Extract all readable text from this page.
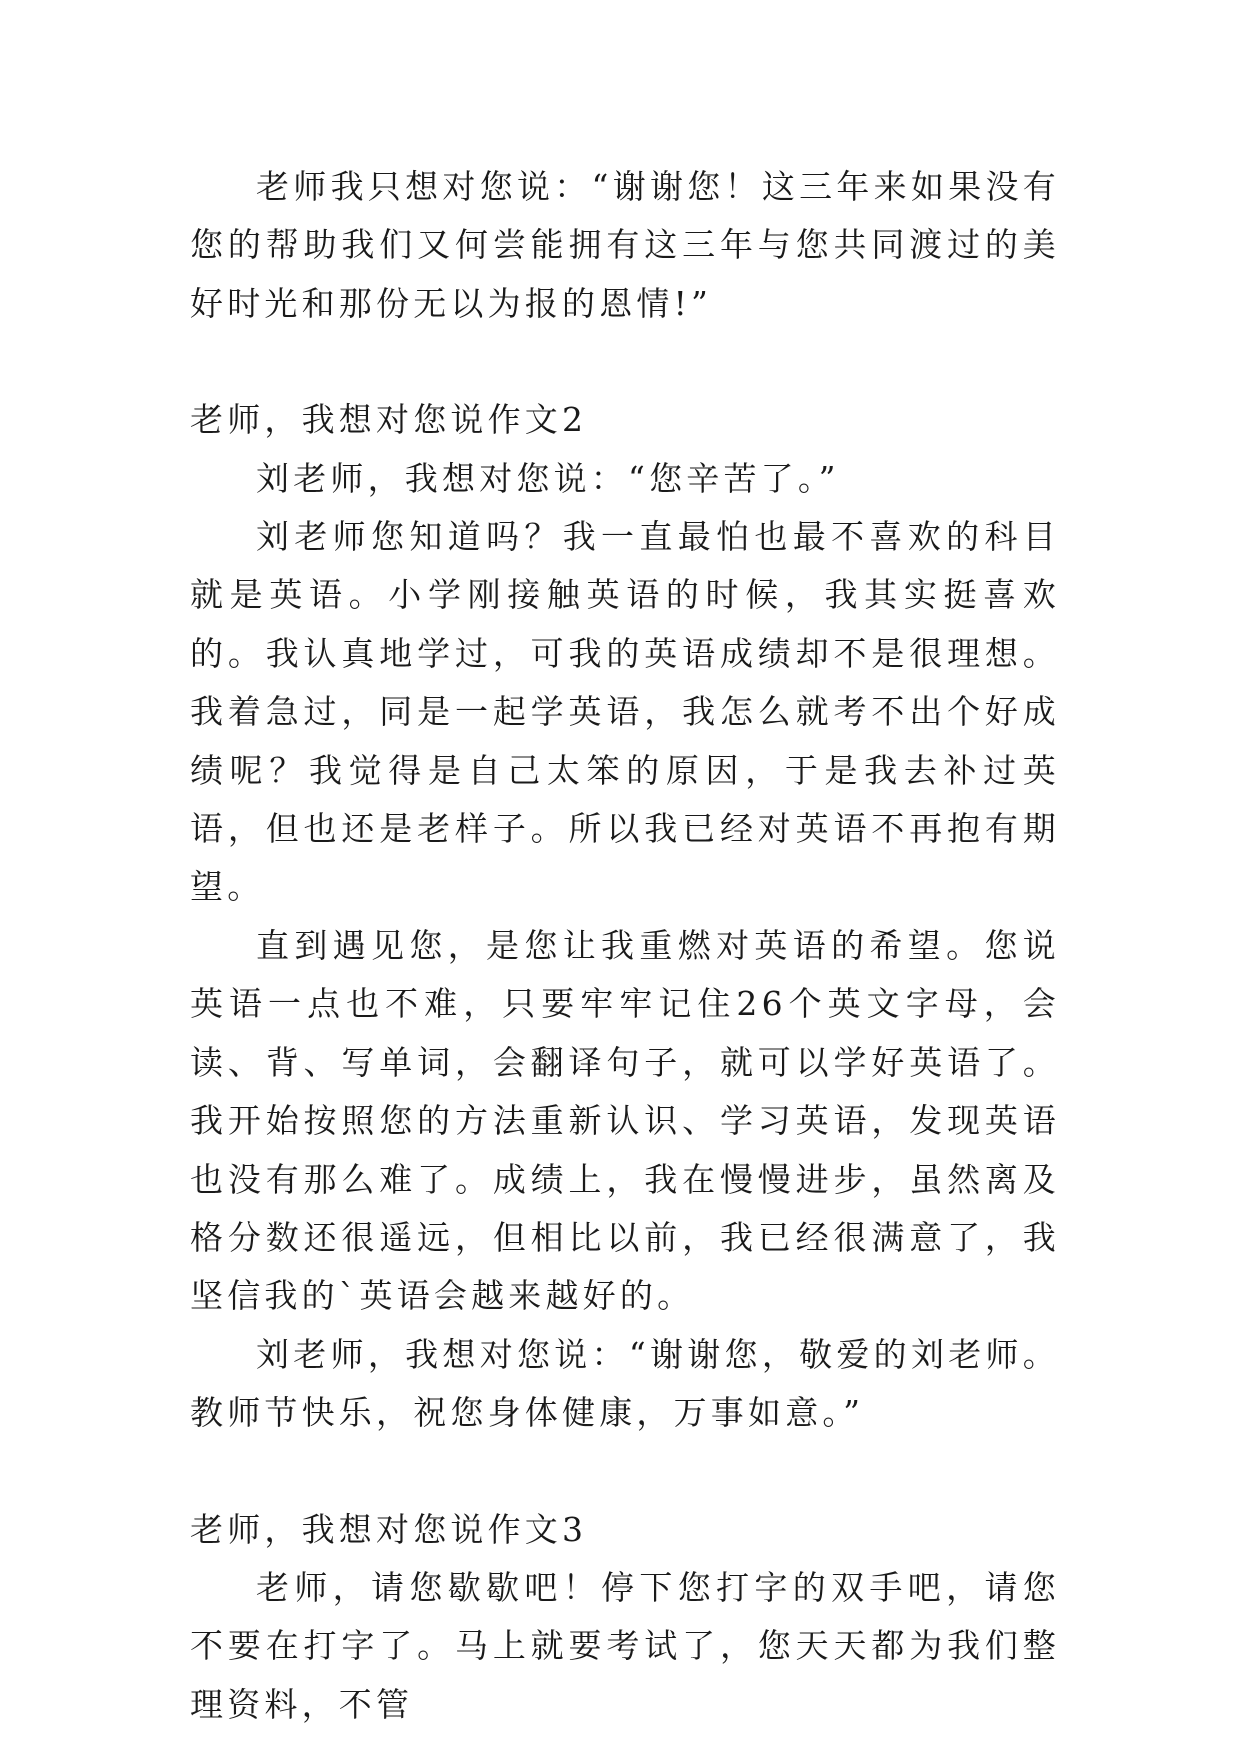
老师我只想对您说：“谢谢您！这三年来如果没有您的帮助我们又何尝能拥有这三年与您共同渡过的美好时光和那份无以为报的恩情!”

老师，我想对您说作文2

刘老师，我想对您说：“您辛苦了。”

刘老师您知道吗？我一直最怕也最不喜欢的科目就是英语。小学刚接触英语的时候，我其实挺喜欢的。我认真地学过，可我的英语成绩却不是很理想。我着急过，同是一起学英语，我怎么就考不出个好成绩呢？我觉得是自己太笨的原因，于是我去补过英语，但也还是老样子。所以我已经对英语不再抱有期望。

直到遇见您，是您让我重燃对英语的希望。您说英语一点也不难，只要牢牢记住26个英文字母，会读、背、写单词，会翻译句子，就可以学好英语了。我开始按照您的方法重新认识、学习英语，发现英语也没有那么难了。成绩上，我在慢慢进步，虽然离及格分数还很遥远，但相比以前，我已经很满意了，我坚信我的`英语会越来越好的。

刘老师，我想对您说：“谢谢您，敬爱的刘老师。教师节快乐，祝您身体健康，万事如意。”

老师，我想对您说作文3

老师，请您歇歇吧！停下您打字的双手吧，请您不要在打字了。马上就要考试了，您天天都为我们整理资料，不管
